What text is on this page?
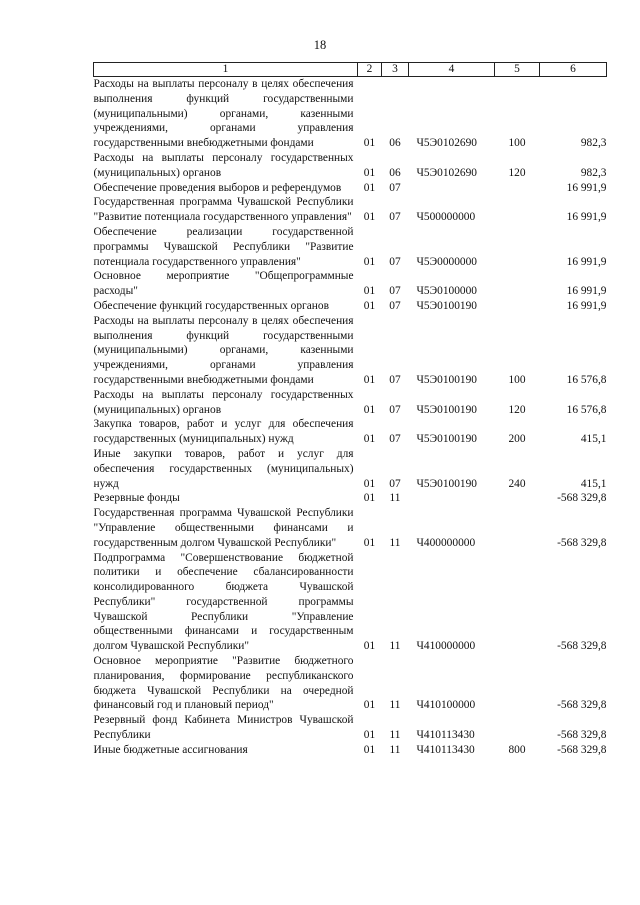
18
1	2	3	4	5	6
Расходы на выплаты персоналу в целях обеспечения выполнения функций государственными (муниципальными) органами, казенными учреждениями, органами управления государственными внебюджетными фондами	01	06	Ч5Э0102690	100	982,3
Расходы на выплаты персоналу государственных (муниципальных) органов	01	06	Ч5Э0102690	120	982,3
Обеспечение проведения выборов и референдумов	01	07			16 991,9
Государственная программа Чувашской Республики "Развитие потенциала государственного управления"	01	07	Ч500000000		16 991,9
Обеспечение реализации государственной программы Чувашской Республики "Развитие потенциала государственного управления"	01	07	Ч5Э0000000		16 991,9
Основное мероприятие "Общепрограммные расходы"	01	07	Ч5Э0100000		16 991,9
Обеспечение функций государственных органов	01	07	Ч5Э0100190		16 991,9
Расходы на выплаты персоналу в целях обеспечения выполнения функций государственными (муниципальными) органами, казенными учреждениями, органами управления государственными внебюджетными фондами	01	07	Ч5Э0100190	100	16 576,8
Расходы на выплаты персоналу государственных (муниципальных) органов	01	07	Ч5Э0100190	120	16 576,8
Закупка товаров, работ и услуг для обеспечения государственных (муниципальных) нужд	01	07	Ч5Э0100190	200	415,1
Иные закупки товаров, работ и услуг для обеспечения государственных (муниципальных) нужд	01	07	Ч5Э0100190	240	415,1
Резервные фонды	01	11			-568 329,8
Государственная программа Чувашской Республики "Управление общественными финансами и государственным долгом Чувашской Республики"	01	11	Ч400000000		-568 329,8
Подпрограмма "Совершенствование бюджетной политики и обеспечение сбалансированности консолидированного бюджета Чувашской Республики" государственной программы Чувашской Республики "Управление общественными финансами и государственным долгом Чувашской Республики"	01	11	Ч410000000		-568 329,8
Основное мероприятие "Развитие бюджетного планирования, формирование республиканского бюджета Чувашской Республики на очередной финансовый год и плановый период"	01	11	Ч410100000		-568 329,8
Резервный фонд Кабинета Министров Чувашской Республики	01	11	Ч410113430		-568 329,8
Иные бюджетные ассигнования	01	11	Ч410113430	800	-568 329,8
